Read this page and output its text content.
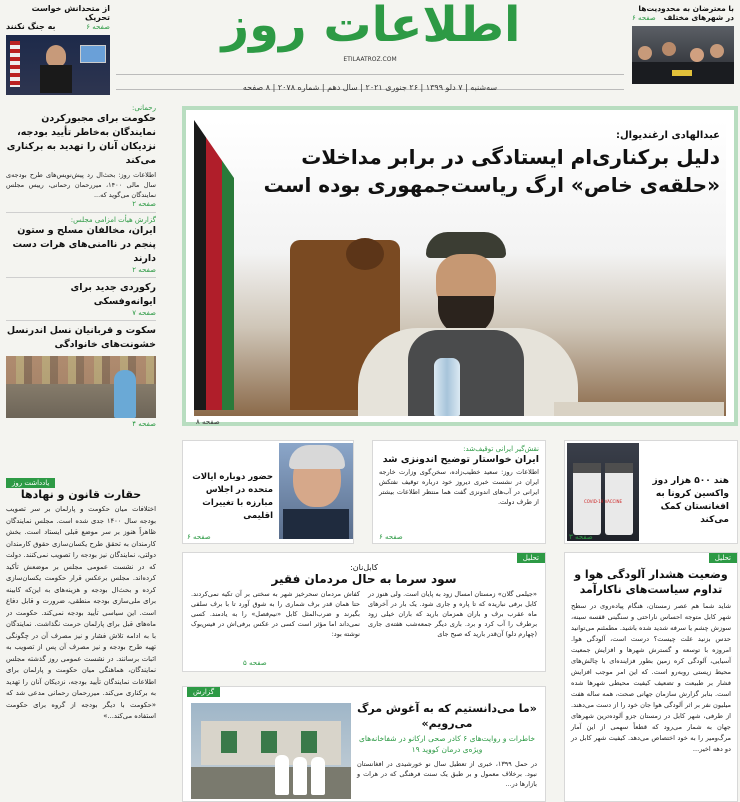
از متحدانش خواست تحریک
صفحه ۶
به جنگ نکنند	اطلاعات روز
ETILAATROZ.COM
با معترضان به محدودیت‌ها
در شهرهای مختلف
صفحه ۶
سه‌شنبه | ۷ دلو ۱۳۹۹ | ۲۶ جنوری ۲۰۲۱ | سال دهم | شماره ۲۰۷۸ | ۸ صفحه
عبدالهادی ارغندیوال:
دلیل برکناری‌ام ایستادگی در برابر مداخلات
«حلقه‌ی خاص» ارگ ریاست‌جمهوری بوده است
صفحه ۸
رحمانی:
حکومت برای مجبورکردن نمایندگان به‌خاطر تأیید بودجه، نزدیکان آنان را تهدید به برکناری می‌کند
اطلاعات روز: بحث‌ال رد پیش‌نویس‌های طرح بودجه‌ی سال مالی ۱۴۰۰، میررحمان رحمانی، رییس مجلس نمایندگان می‌گوید که...
صفحه ۲
گزارش هیأت امزامی مجلس:
ایران، مخالفان مسلح و ستون پنجم در ناامنی‌های هرات دست دارند
صفحه ۲
رکوردی جدید برای ایوانه‌وفسکی
صفحه ۷
سکوت و قربانیان نسل اندرنسل خشونت‌های خانوادگی
صفحه ۴
حضور دوباره ایالات متحده در اجلاس مبارزه با تغییرات اقلیمی
صفحه ۶
نقش‌گیر ایرانی توقیف‌شد:
ایران خواستار توضیح اندونزی شد
اطلاعات روز: سعید خطیب‌زاده، سخن‌گوی وزارت خارجه ایران در نشست خبری دیروز خود درباره توقیف نفتکش ایرانی در آب‌های اندونزی گفت هما منتظر اطلاعات بیشتر از طرف دولت.
صفحه ۶
COVID-19 VACCINE
هند ۵۰۰ هزار دوز واکسین کرونا به افغانستان کمک می‌کند
صفحه ۳
یادداشت روز
حقارت قانون و نهادها
اختلافات میان حکومت و پارلمان بر سر تصویب بودجه سال ۱۴۰۰ جدی شده است. مجلس نمایندگان ظاهراً هنوز بر سر موضع قبلی ایستاد است. بخش کارمندان به تحقق طرح یکسان‌سازی حقوق کارمندان دولتی، نمایندگان نیز بودجه را تصویب نمی‌کنند. دولت که در نشست عمومی مجلس بر موضعش تأکید کرده‌اند. مجلس برعکس قرار حکومت یکسان‌سازی کرده و بحث‌ال بودجه و هزینه‌های به این‌که کابینه برای ملی‌سازی بودجه منطقی، ضرورت و قابل دفاع است. این سیاسی تأیید بودجه نمی‌کند. حکومت در ماه‌های قبل برای پارلمان حرمت نگذاشت. نمایندگان با به ادامه تلاش فشار و نیز مصرف آن در چگونگی تهیه طرح بودجه و نیز مصرف آن پس از تصویب به اثبات برسانند. در نشست عمومی روز گذشته مجلس نمایندگان، هماهنگی میان حکومت و پارلمان برای اطلاعات نمایندگان تأیید بودجه، نزدیکان آنان را تهدید به برکناری می‌کند. میررحمان رحمانی مدعی شد که «حکومت با دیگر بودجه از گروه برای حکومت استفاده می‌کند...»
تحلیل
کابل‌نان:
سود سرما به حال مردمان فقیر
«جیلمی گلان» زمستان امسال زود به پایان است. ولی هنوز در کابل برفی نباریده که تا پاره و جاری شود. یک بار در آخرهای ماه عقرب برف و باران همزمان بارید که باران خیلی زود برطرف را آب کرد و برد. باری دیگر جمعه‌شب هفته‌ی جاری (چهارم دلو) آن‌قدر بارید که صبح جای
کفاش مردمان سحرخیز شهر به سختی بر آن تکیه نمی‌کردند. حتا همان قدر برف شماری را به شوق آورد تا با برف سلفی بگیرند و ضرب‌المثل کابل «نیم‌فصل» را به یادمند. کسی نمی‌داند اما مؤثر است کسی در عکس برفی‌اش در فیس‌بوک نوشته بود:
صفحه ۵
تحلیل
وضعیت هشدار آلودگی هوا و تداوم سیاست‌های ناکارآمد
شاید شما هم عصر زمستان، هنگام پیاده‌روی در سطح شهر کابل متوجه احساس ناراحتی و سنگینی قفسه سینه، سوزش چشم یا سرفه شدید شده باشید. مطمئنم می‌توانید حدس بزنید علت چیست؟ درست است، آلودگی هوا. امروزه با توسعه و گسترش شهرها و افزایش جمعیت آسیایی، آلودگی کره زمین بطور فزاینده‌ای با چالش‌های محیط زیستی روبه‌رو است. که این امر موجب افزایش فشار بر طبیعت و تضعیف کیفیت محیطی شهرها شده است. بنابر گزارش سازمان جهانی صحت، همه ساله هفت میلیون نفر بر اثر آلودگی هوا جان خود را از دست می‌دهند. از طرفی، شهر کابل در زمستان جزو آلوده‌ترین شهرهای جهان به شمار می‌رود که قطعاً سهمی از این آمار مرگ‌ومیر را به خود اختصاص می‌دهد. کیفیت شهر کابل در دو دهه اخیر...
گزارش
«ما می‌دانستیم که به آغوش مرگ می‌رویم»
خاطرات و روایت‌های ۶ کادر صحی ارکانو در شفاخانه‌های ویژه‌ی درمان کووید ۱۹
در حمل ۱۳۹۹، خبری از تعطیل سال نو خورشیدی در افغانستان نبود. برخلاف معمول و بر طبق یک سنت فرهنگی که در هرات و بازارها در...
